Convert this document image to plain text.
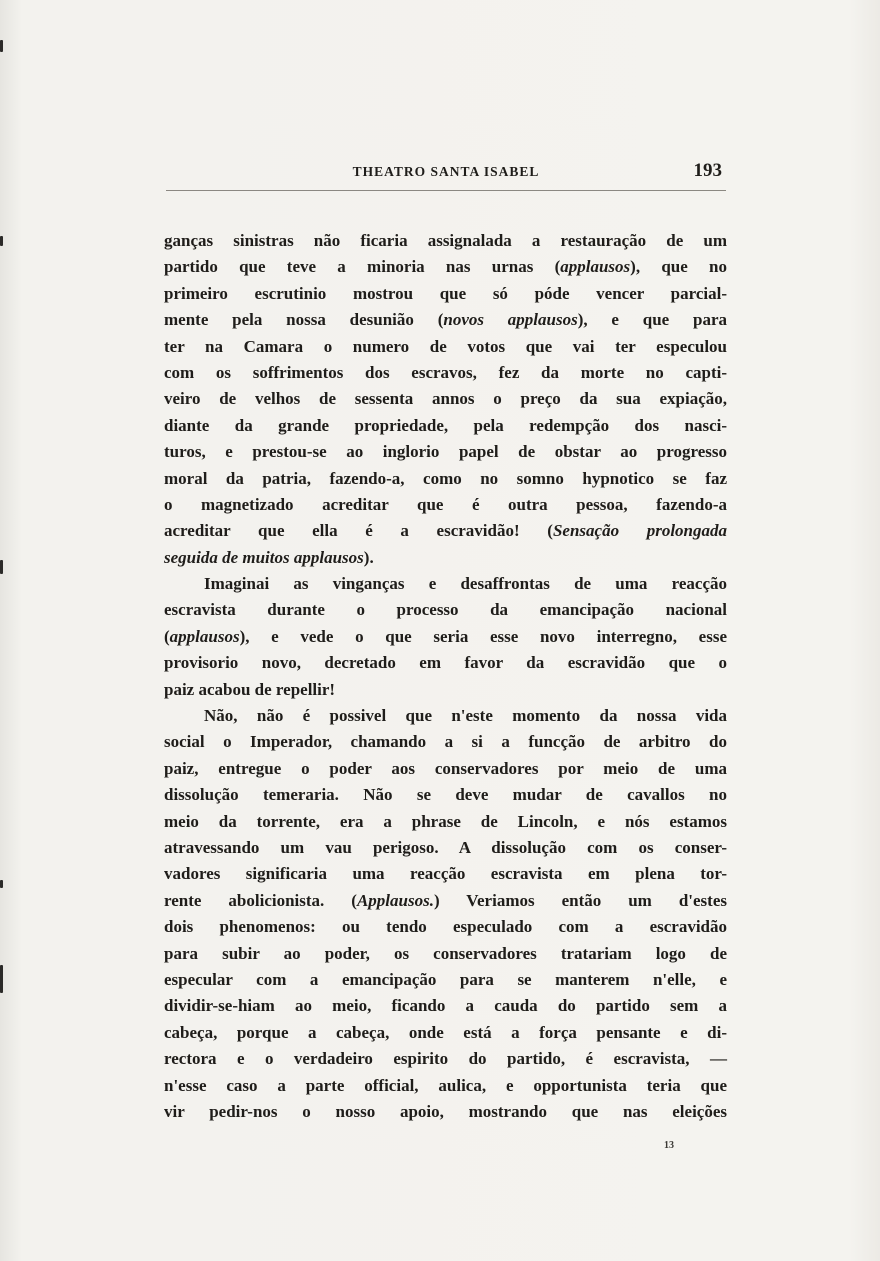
THEATRO SANTA ISABEL	193
ganças sinistras não ficaria assignalada a restauração de um
partido que teve a minoria nas urnas (applausos), que no
primeiro escrutinio mostrou que só póde vencer parcial-
mente pela nossa desunião (novos applausos), e que para
ter na Camara o numero de votos que vai ter especulou
com os soffrimentos dos escravos, fez da morte no capti-
veiro de velhos de sessenta annos o preço da sua expiação,
diante da grande propriedade, pela redempção dos nasci-
turos, e prestou-se ao inglorio papel de obstar ao progresso
moral da patria, fazendo-a, como no somno hypnotico se faz
o magnetizado acreditar que é outra pessoa, fazendo-a
acreditar que ella é a escravidão! (Sensação prolongada
seguida de muitos applausos).
Imaginai as vinganças e desaffrontas de uma reacção
escravista durante o processo da emancipação nacional
(applausos), e vede o que seria esse novo interregno, esse
provisorio novo, decretado em favor da escravidão que o
paiz acabou de repellir!
Não, não é possivel que n'este momento da nossa vida
social o Imperador, chamando a si a funcção de arbitro do
paiz, entregue o poder aos conservadores por meio de uma
dissolução temeraria. Não se deve mudar de cavallos no
meio da torrente, era a phrase de Lincoln, e nós estamos
atravessando um vau perigoso. A dissolução com os conser-
vadores significaria uma reacção escravista em plena tor-
rente abolicionista. (Applausos.) Veriamos então um d'estes
dois phenomenos: ou tendo especulado com a escravidão
para subir ao poder, os conservadores tratariam logo de
especular com a emancipação para se manterem n'elle, e
dividir-se-hiam ao meio, ficando a cauda do partido sem a
cabeça, porque a cabeça, onde está a força pensante e di-
rectora e o verdadeiro espirito do partido, é escravista, —
n'esse caso a parte official, aulica, e opportunista teria que
vir pedir-nos o nosso apoio, mostrando que nas eleições
13
